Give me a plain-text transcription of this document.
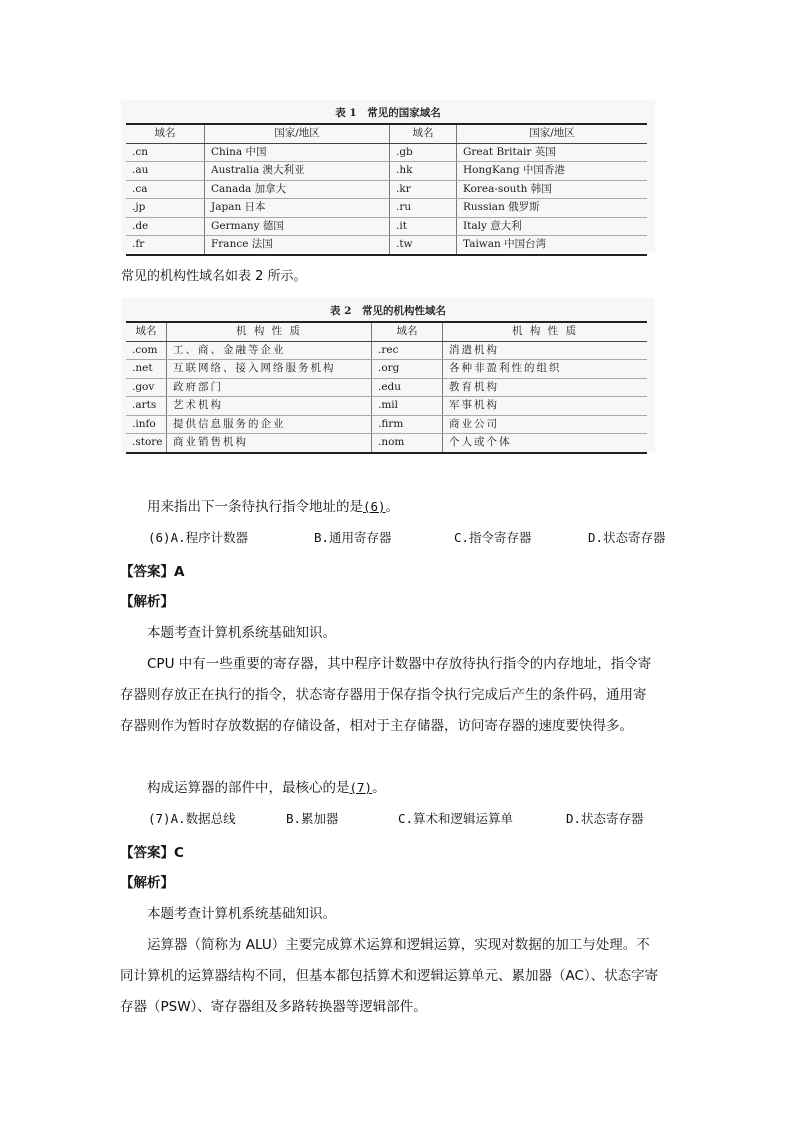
表 1　常见的国家域名
域名	国家/地区	域名	国家/地区
.cn	China 中国	.gb	Great Britair 英国
.au	Australia 澳大利亚	.hk	HongKang 中国香港
.ca	Canada 加拿大	.kr	Korea-south 韩国
.jp	Japan 日本	.ru	Russian 俄罗斯
.de	Germany 德国	.it	Italy 意大利
.fr	France 法国	.tw	Taiwan 中国台湾
常见的机构性域名如表 2 所示。
表 2　常见的机构性域名
域名	机 构 性 质	域名	机 构 性 质
.com	工、商、金融等企业	.rec	消遣机构
.net	互联网络、接入网络服务机构	.org	各种非盈利性的组织
.gov	政府部门	.edu	教育机构
.arts	艺术机构	.mil	军事机构
.info	提供信息服务的企业	.firm	商业公司
.store	商业销售机构	.nom	个人或个体
用来指出下一条待执行指令地址的是(6)。
(6)A.程序计数器	B.通用寄存器	C.指令寄存器	D.状态寄存器
【答案】A
【解析】
本题考查计算机系统基础知识。
CPU 中有一些重要的寄存器，其中程序计数器中存放待执行指令的内存地址，指令寄
存器则存放正在执行的指令，状态寄存器用于保存指令执行完成后产生的条件码，通用寄
存器则作为暂时存放数据的存储设备，相对于主存储器，访问寄存器的速度要快得多。
构成运算器的部件中，最核心的是(7)。
(7)A.数据总线	B.累加器	C.算术和逻辑运算单	D.状态寄存器
【答案】C
【解析】
本题考查计算机系统基础知识。
运算器（简称为 ALU）主要完成算术运算和逻辑运算，实现对数据的加工与处理。不
同计算机的运算器结构不同，但基本都包括算术和逻辑运算单元、累加器（AC）、状态字寄
存器（PSW）、寄存器组及多路转换器等逻辑部件。
